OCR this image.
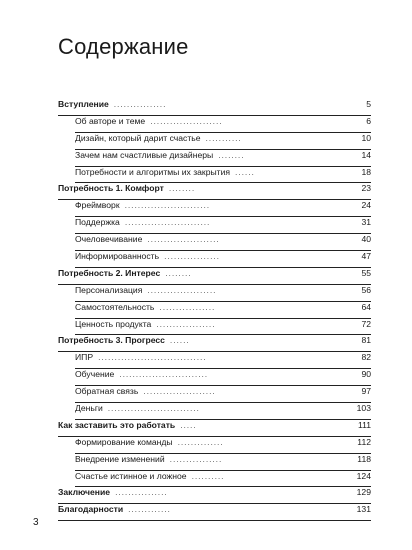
Содержание
Вступление ................	5
Об авторе и теме ......................	6
Дизайн, который дарит счастье ...........	10
Зачем нам счастливые дизайнеры ........	14
Потребности и алгоритмы их закрытия ......	18
Потребность 1. Комфорт ........	23
Фреймворк ..........................	24
Поддержка ..........................	31
Очеловечивание ......................	40
Информированность .................	47
Потребность 2. Интерес ........	55
Персонализация .....................	56
Самостоятельность .................	64
Ценность продукта ..................	72
Потребность 3. Прогресс ......	81
ИПР .................................	82
Обучение ...........................	90
Обратная связь ......................	97
Деньги ............................	103
Как заставить это работать .....	111
Формирование команды ..............	112
Внедрение изменений ................	118
Счастье истинное и ложное ..........	124
Заключение ................	129
Благодарности .............	131
3
